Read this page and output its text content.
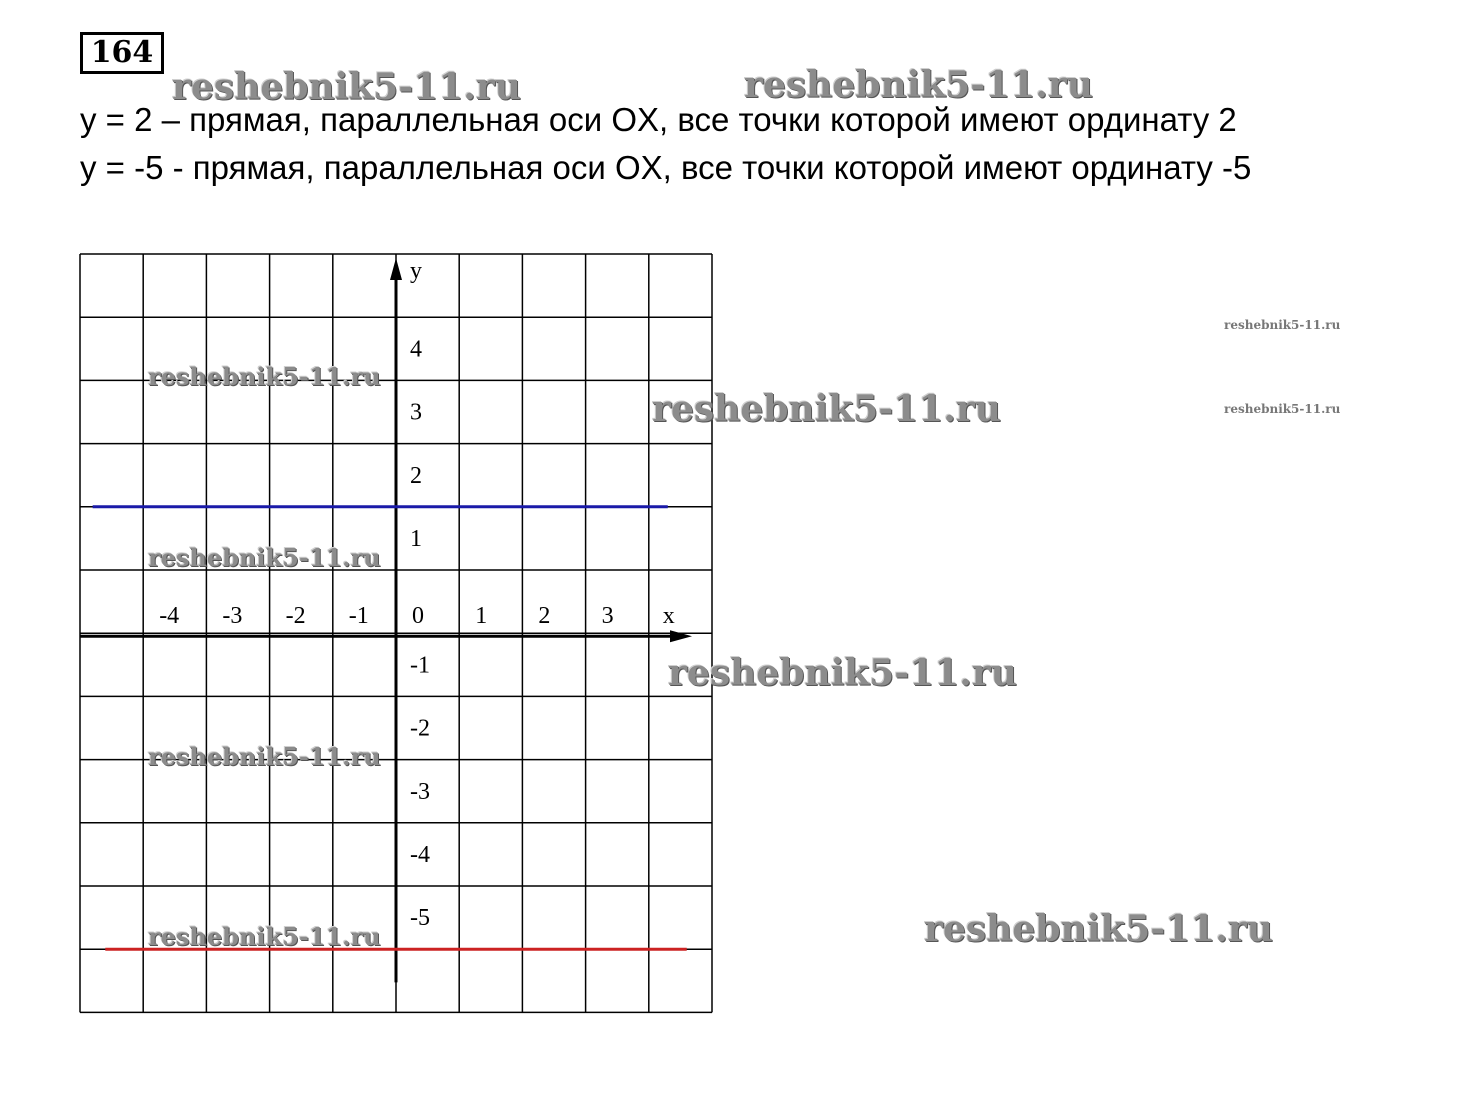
164
y = 2 – прямая, параллельная оси OX, все точки которой имеют ординату 2
y = -5 - прямая, параллельная оси OX, все точки которой имеют ординату -5
-4 -3 -2 -1 0 1 2 3
4
3
2
1
-1
-2
-3
-4
-5
x
y
reshebnik5-11.ru	reshebnik5-11.ru
reshebnik5-11.ru
reshebnik5-11.ru
reshebnik5-11.ru
reshebnik5-11.ru
reshebnik5-11.ru
reshebnik5-11.ru
reshebnik5-11.ru
reshebnik5-11.ru
reshebnik5-11.ru
